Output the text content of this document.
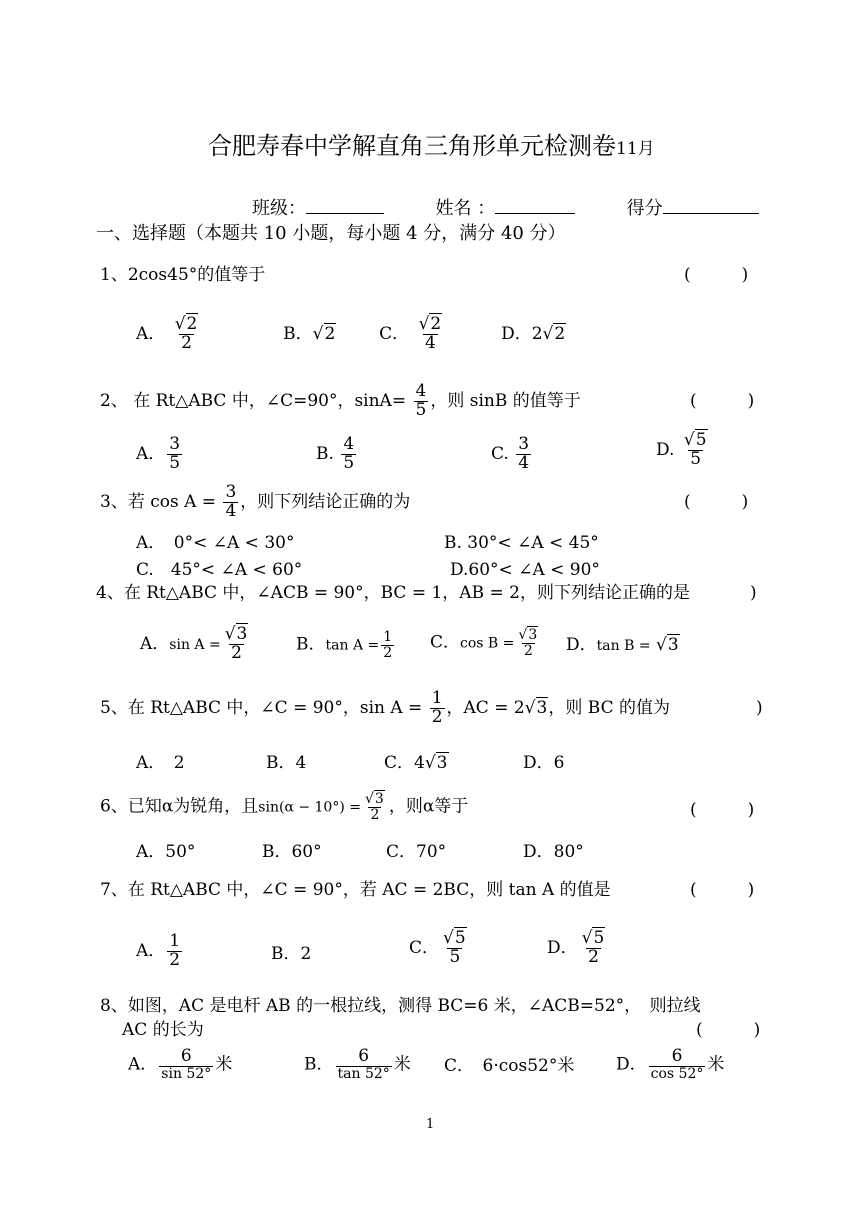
合肥寿春中学解直角三角形单元检测卷11月
班级：	姓名 ：	得分
一、选择题（本题共 10 小题，每小题 4 分，满分 40 分）
1、2cos45°的值等于	(　　　)
A． $\frac{√2}{2}$	B．√2	C． $\frac{√2}{4}$	D．2√2
2、 在 Rt△ABC 中，∠C=90°，$\sin A= \frac{4}{5}$ ，则 sinB 的值等于	(　　　)
A． $\frac{3}{5}$	B. $\frac{4}{5}$	C. $\frac{3}{4}$	D. $\frac{√5}{5}$
3、若 $\cos A = \frac{3}{4}$ ，则下列结论正确的为	(　　　)
A．　0°< ∠A < 30°	B. 30°< ∠A < 45°
C.　45°< ∠A < 60°	D.60°< ∠A < 90°
4、在 Rt△ABC 中，∠ACB = 90°，BC = 1，AB = 2，则下列结论正确的是	)
A．$\sin A = \frac{√3}{2}$	B．$\tan A = \frac{1}{2}$ C．$\cos B = \frac{√3}{2}$ D．tan B = √3
5、在 Rt△ABC 中，∠C = 90°，$\sin A = \frac{1}{2}$ ，AC = 2√3，则 BC 的值为	)
A．　2	B．4	C．4√3	D．6
6、已知α为锐角，且$\sin(\alpha - 10^\circ) = \frac{√3}{2}$ ，则α等于	(　　　)
A．50°	B．60°	C．70°	D．80°
7、在 Rt△ABC 中，∠C = 90°，若 AC = 2BC，则 tan A 的值是	(　　　)
A． $\frac{1}{2}$	B．2	C． $\frac{√5}{5}$	D． $\frac{√5}{2}$
8、如图，AC 是电杆 AB 的一根拉线，测得 BC=6 米，∠ACB=52°，　则拉线
AC 的长为	(　　　)
A． $\frac{6}{\sin 52^\circ}$ 米	B． $\frac{6}{\tan 52^\circ}$ 米 C．　6·cos52°米 D． $\frac{6}{\cos 52^\circ}$ 米
1
